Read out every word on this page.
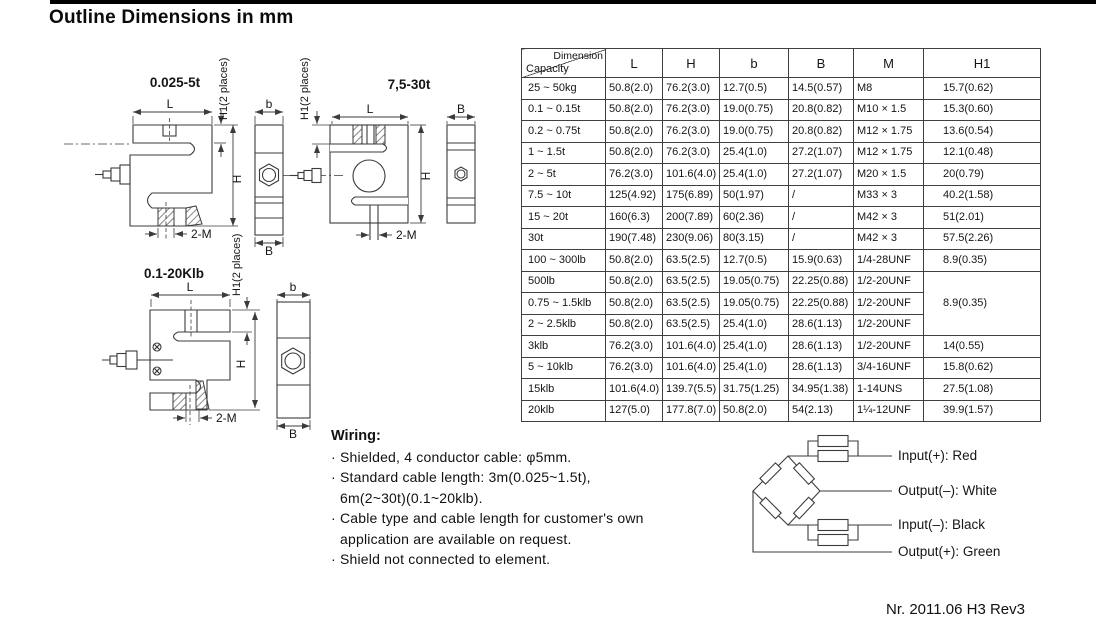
Outline Dimensions in mm
0.025-5t
L	H1(2 places)
H
2-M
b
B
7,5-30t
L
2-M
H
H1(2 places)	B
0.1-20Klb
L
2-M
H
H1(2 places)	b
B
Dimension
Capacity	L	H	b	B	M	H1
25 ~ 50kg	50.8(2.0)	76.2(3.0)	12.7(0.5)	14.5(0.57)	M8	15.7(0.62)
0.1 ~ 0.15t	50.8(2.0)	76.2(3.0)	19.0(0.75)	20.8(0.82)	M10 × 1.5	15.3(0.60)
0.2 ~ 0.75t	50.8(2.0)	76.2(3.0)	19.0(0.75)	20.8(0.82)	M12 × 1.75	13.6(0.54)
1 ~ 1.5t	50.8(2.0)	76.2(3.0)	25.4(1.0)	27.2(1.07)	M12 × 1.75	12.1(0.48)
2 ~ 5t	76.2(3.0)	101.6(4.0)	25.4(1.0)	27.2(1.07)	M20 × 1.5	20(0.79)
7.5 ~ 10t	125(4.92)	175(6.89)	50(1.97)	/	M33 × 3	40.2(1.58)
15 ~ 20t	160(6.3)	200(7.89)	60(2.36)	/	M42 × 3	51(2.01)
30t	190(7.48)	230(9.06)	80(3.15)	/	M42 × 3	57.5(2.26)
100 ~ 300lb	50.8(2.0)	63.5(2.5)	12.7(0.5)	15.9(0.63)	1/4-28UNF	8.9(0.35)
500lb	50.8(2.0)	63.5(2.5)	19.05(0.75)	22.25(0.88)	1/2-20UNF	8.9(0.35)
0.75 ~ 1.5klb	50.8(2.0)	63.5(2.5)	19.05(0.75)	22.25(0.88)	1/2-20UNF	
2 ~ 2.5klb	50.8(2.0)	63.5(2.5)	25.4(1.0)	28.6(1.13)	1/2-20UNF	
3klb	76.2(3.0)	101.6(4.0)	25.4(1.0)	28.6(1.13)	1/2-20UNF	14(0.55)
5 ~ 10klb	76.2(3.0)	101.6(4.0)	25.4(1.0)	28.6(1.13)	3/4-16UNF	15.8(0.62)
15klb	101.6(4.0)	139.7(5.5)	31.75(1.25)	34.95(1.38)	1-14UNS	27.5(1.08)
20klb	127(5.0)	177.8(7.0)	50.8(2.0)	54(2.13)	1¼-12UNF	39.9(1.57)
Wiring:
· Shielded, 4 conductor cable: φ5mm.
· Standard cable length: 3m(0.025~1.5t),
6m(2~30t)(0.1~20klb).
· Cable type and cable length for customer's own
application are available on request.
· Shield not connected to element.
Input(+): Red
Output(–): White
Input(–): Black
Output(+): Green
Nr. 2011.06 H3 Rev3
